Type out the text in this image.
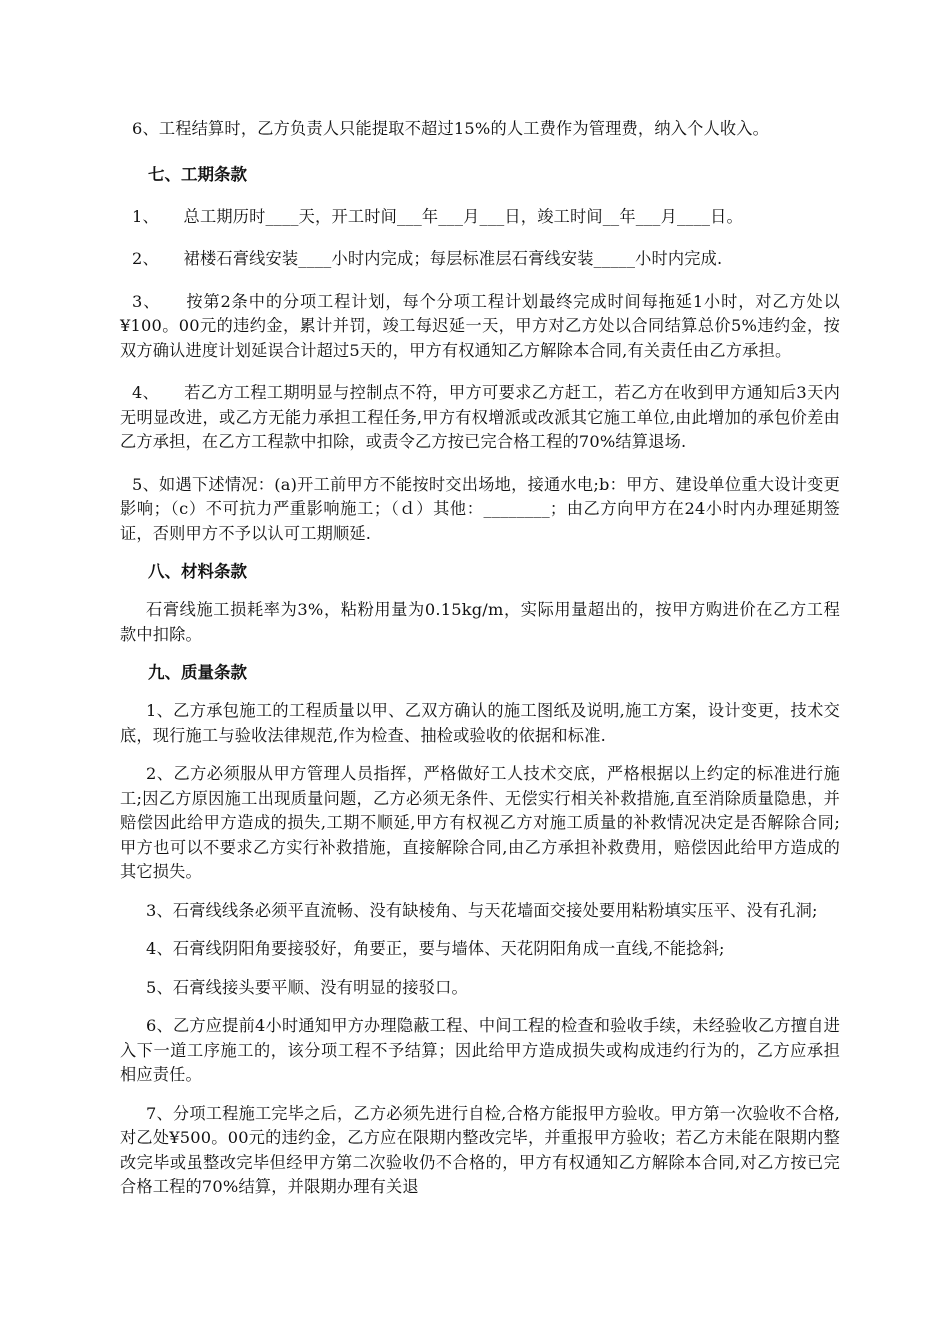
6、工程结算时，乙方负责人只能提取不超过15%的人工费作为管理费，纳入个人收入。

七、工期条款

1、　　总工期历时____天，开工时间___年___月___日，竣工时间__年___月____日。

2、　　裙楼石膏线安装____小时内完成；每层标准层石膏线安装_____小时内完成.

3、　　按第2条中的分项工程计划，每个分项工程计划最终完成时间每拖延1小时，对乙方处以¥100。00元的违约金，累计并罚，竣工每迟延一天，甲方对乙方处以合同结算总价5%违约金，按双方确认进度计划延误合计超过5天的，甲方有权通知乙方解除本合同,有关责任由乙方承担。

4、　　若乙方工程工期明显与控制点不符，甲方可要求乙方赶工，若乙方在收到甲方通知后3天内无明显改进，或乙方无能力承担工程任务,甲方有权增派或改派其它施工单位,由此增加的承包价差由乙方承担，在乙方工程款中扣除，或责令乙方按已完合格工程的70%结算退场.

5、如遇下述情况：(a)开工前甲方不能按时交出场地，接通水电;b：甲方、建设单位重大设计变更影响；（c）不可抗力严重影响施工；（ｄ）其他：________；由乙方向甲方在24小时内办理延期签证，否则甲方不予以认可工期顺延.

八、材料条款

石膏线施工损耗率为3%，粘粉用量为0.15kg/m，实际用量超出的，按甲方购进价在乙方工程款中扣除。

九、质量条款

1、乙方承包施工的工程质量以甲、乙双方确认的施工图纸及说明,施工方案，设计变更，技术交底，现行施工与验收法律规范,作为检查、抽检或验收的依据和标准.

2、乙方必须服从甲方管理人员指挥，严格做好工人技术交底，严格根据以上约定的标准进行施工;因乙方原因施工出现质量问题，乙方必须无条件、无偿实行相关补救措施,直至消除质量隐患，并赔偿因此给甲方造成的损失,工期不顺延,甲方有权视乙方对施工质量的补救情况决定是否解除合同;甲方也可以不要求乙方实行补救措施，直接解除合同,由乙方承担补救费用，赔偿因此给甲方造成的其它损失。

3、石膏线线条必须平直流畅、没有缺棱角、与天花墙面交接处要用粘粉填实压平、没有孔洞;

4、石膏线阴阳角要接驳好，角要正，要与墙体、天花阴阳角成一直线,不能捻斜;

5、石膏线接头要平顺、没有明显的接驳口。

6、乙方应提前4小时通知甲方办理隐蔽工程、中间工程的检查和验收手续，未经验收乙方擅自进入下一道工序施工的，该分项工程不予结算；因此给甲方造成损失或构成违约行为的，乙方应承担相应责任。

7、分项工程施工完毕之后，乙方必须先进行自检,合格方能报甲方验收。甲方第一次验收不合格,对乙处¥500。00元的违约金，乙方应在限期内整改完毕，并重报甲方验收；若乙方未能在限期内整改完毕或虽整改完毕但经甲方第二次验收仍不合格的，甲方有权通知乙方解除本合同,对乙方按已完合格工程的70%结算，并限期办理有关退
